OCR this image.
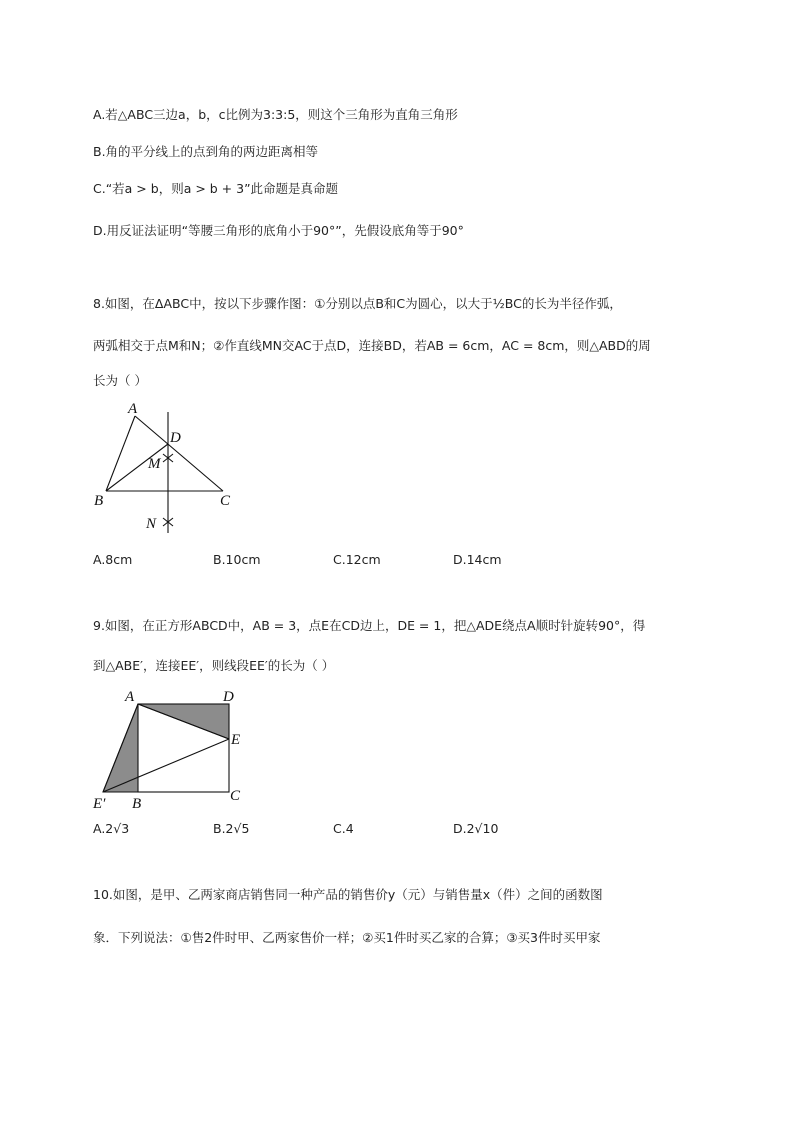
A.若△ABC三边a，b，c比例为3:3:5，则这个三角形为直角三角形
B.角的平分线上的点到角的两边距离相等
C.“若a > b，则a > b + 3”此命题是真命题
D.用反证法证明“等腰三角形的底角小于90°”，先假设底角等于90°
8.如图，在ΔABC中，按以下步骤作图：①分别以点B和C为圆心，以大于½BC的长为半径作弧，
两弧相交于点M和N；②作直线MN交AC于点D，连接BD，若AB = 6cm，AC = 8cm，则△ABD的周
长为（ ）
A
D
M
B	C
N
A.8cm	B.10cm	C.12cm	D.14cm
9.如图，在正方形ABCD中，AB = 3，点E在CD边上，DE = 1，把△ADE绕点A顺时针旋转90°，得
到△ABE′，连接EE′，则线段EE′的长为（ ）
A	D
E
E′ B	C
A.2√3	B.2√5	C.4	D.2√10
10.如图，是甲、乙两家商店销售同一种产品的销售价y（元）与销售量x（件）之间的函数图
象．下列说法：①售2件时甲、乙两家售价一样；②买1件时买乙家的合算；③买3件时买甲家
